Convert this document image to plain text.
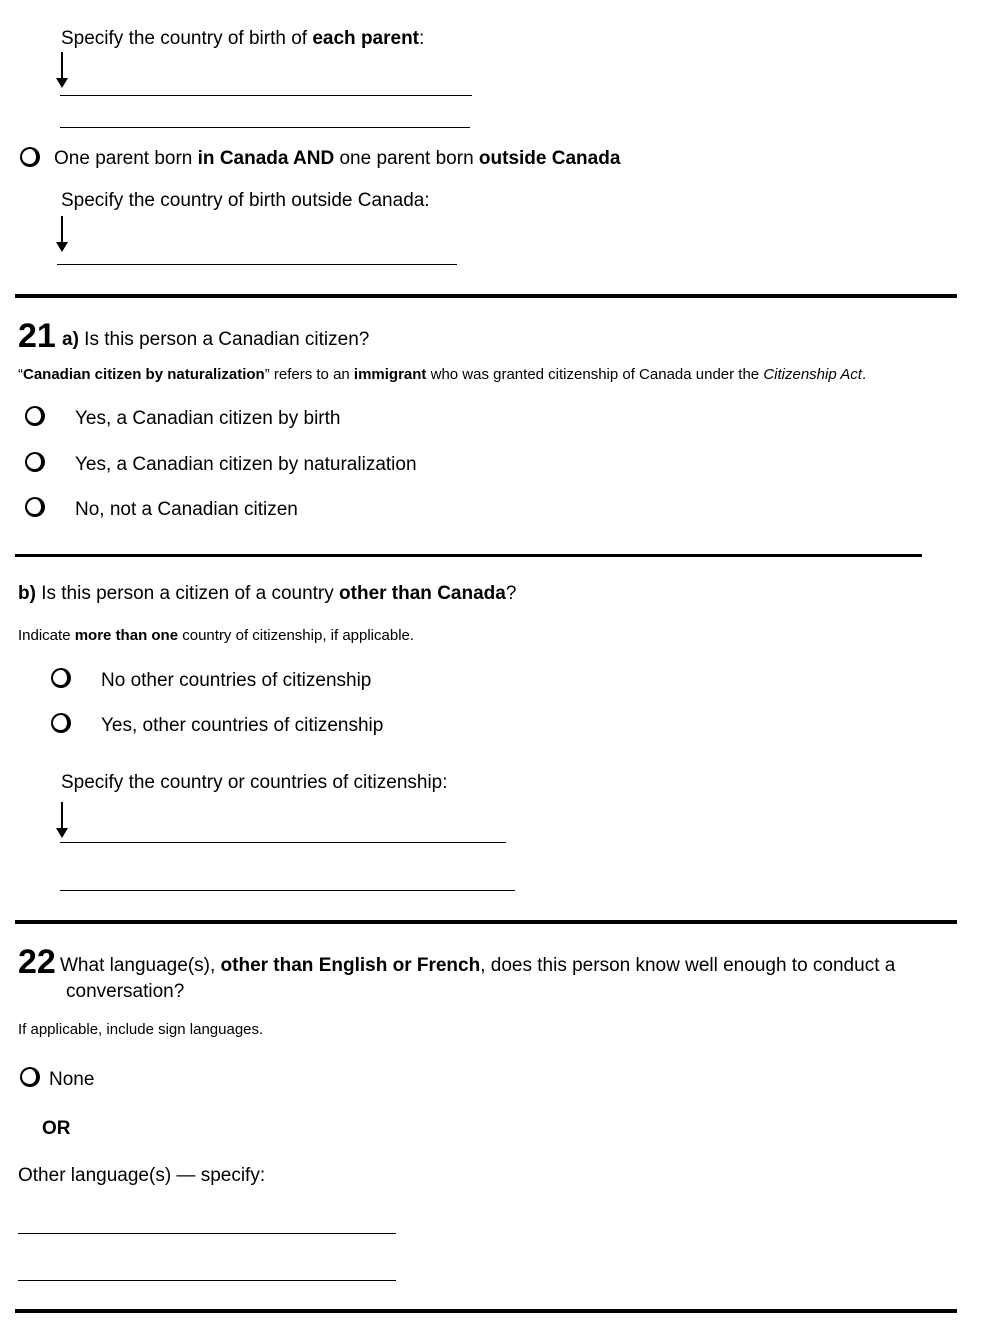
Specify the country of birth of each parent:
One parent born in Canada AND one parent born outside Canada
Specify the country of birth outside Canada:
21 a) Is this person a Canadian citizen?
“Canadian citizen by naturalization” refers to an immigrant who was granted citizenship of Canada under the Citizenship Act.
Yes, a Canadian citizen by birth
Yes, a Canadian citizen by naturalization
No, not a Canadian citizen
b) Is this person a citizen of a country other than Canada?
Indicate more than one country of citizenship, if applicable.
No other countries of citizenship
Yes, other countries of citizenship
Specify the country or countries of citizenship:
22 What language(s), other than English or French, does this person know well enough to conduct a
conversation?
If applicable, include sign languages.
None
OR
Other language(s) — specify:
